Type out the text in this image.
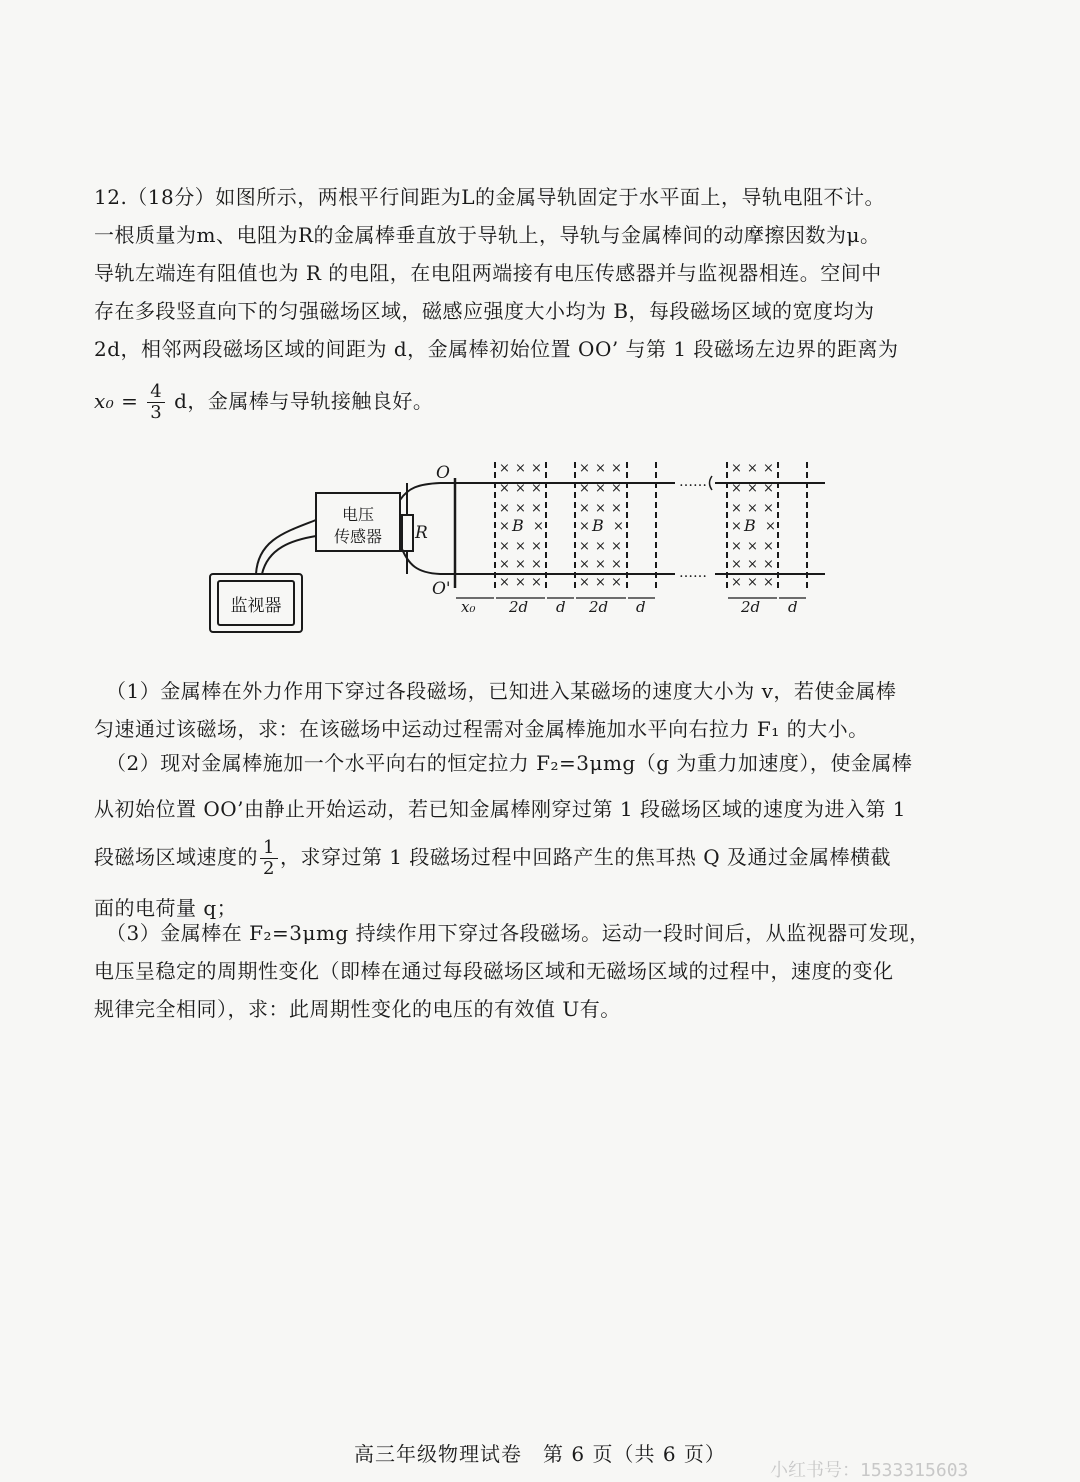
12.（18分）如图所示，两根平行间距为L的金属导轨固定于水平面上，导轨电阻不计。

一根质量为m、电阻为R的金属棒垂直放于导轨上，导轨与金属棒间的动摩擦因数为μ。

导轨左端连有阻值也为 R 的电阻，在电阻两端接有电压传感器并与监视器相连。空间中

存在多段竖直向下的匀强磁场区域，磁感应强度大小均为 B，每段磁场区域的宽度均为

2d，相邻两段磁场区域的间距为 d，金属棒初始位置 OO’ 与第 1 段磁场左边界的距离为

$x_0 = \frac{4}{3}$ d，金属棒与导轨接触良好。

× × ×
× × ×
× × ×
× ×
× × ×
× × ×
× × ×
× × ×
× × ×
× × ×
× ×
× × ×
× × ×
× × ×
× × ×
× × ×
× × ×
× ×
× × ×
× × ×
× × ×
B	B	B
……
……
O
O'
R
电压
传感器
监视器	x₀ 2d d 2d d	2d d

（1）金属棒在外力作用下穿过各段磁场，已知进入某磁场的速度大小为 v，若使金属棒

匀速通过该磁场，求：在该磁场中运动过程需对金属棒施加水平向右拉力 F₁ 的大小。

（2）现对金属棒施加一个水平向右的恒定拉力 F₂=3μmg（g 为重力加速度），使金属棒

从初始位置 OO’由静止开始运动，若已知金属棒刚穿过第 1 段磁场区域的速度为进入第 1

段磁场区域速度的 $\frac{1}{2}$ ，求穿过第 1 段磁场过程中回路产生的焦耳热 Q 及通过金属棒横截

面的电荷量 q；

（3）金属棒在 F₂=3μmg 持续作用下穿过各段磁场。运动一段时间后，从监视器可发现，

电压呈稳定的周期性变化（即棒在通过每段磁场区域和无磁场区域的过程中，速度的变化

规律完全相同），求：此周期性变化的电压的有效值 U有。

高三年级物理试卷　第 6 页（共 6 页）
小红书号：1533315603
